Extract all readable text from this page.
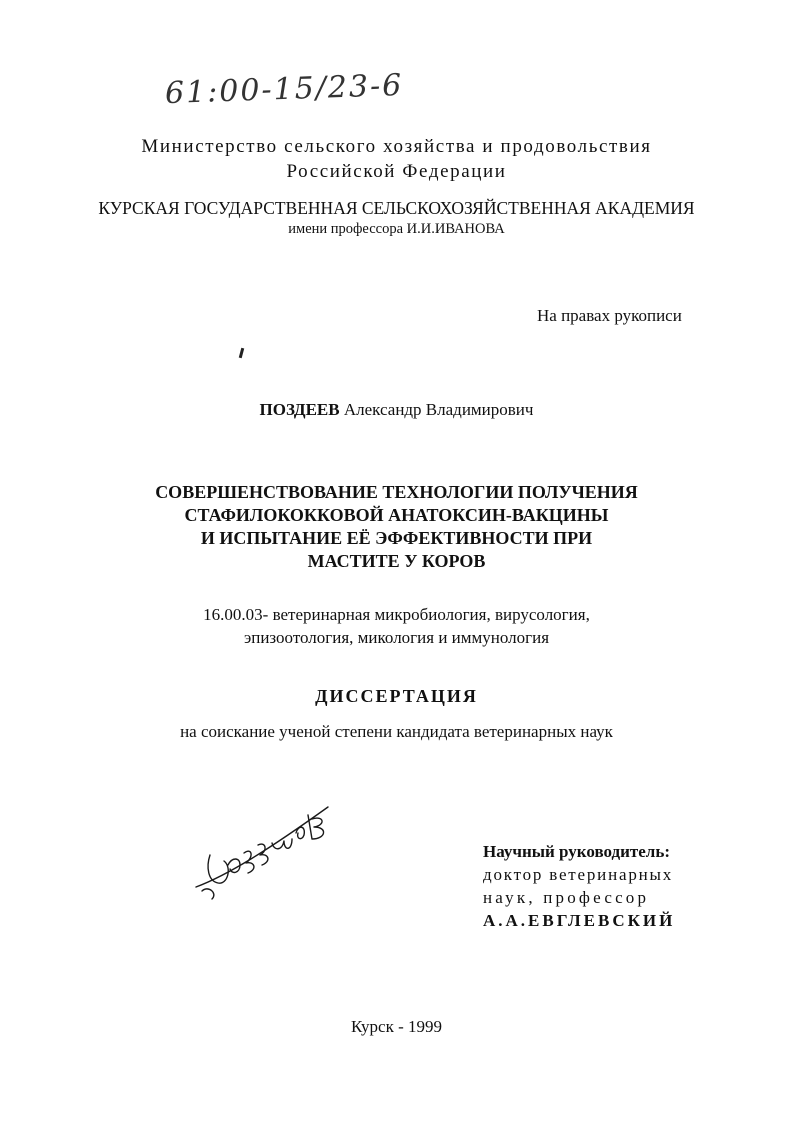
61:00-15/23-6
Министерство сельского хозяйства и продовольствия
Российской Федерации
КУРСКАЯ ГОСУДАРСТВЕННАЯ СЕЛЬСКОХОЗЯЙСТВЕННАЯ АКАДЕМИЯ
имени профессора И.И.ИВАНОВА
На правах рукописи
ПОЗДЕЕВ Александр Владимирович
СОВЕРШЕНСТВОВАНИЕ ТЕХНОЛОГИИ ПОЛУЧЕНИЯ
СТАФИЛОКОККОВОЙ АНАТОКСИН-ВАКЦИНЫ
И ИСПЫТАНИЕ ЕЁ ЭФФЕКТИВНОСТИ ПРИ
МАСТИТЕ У КОРОВ
16.00.03- ветеринарная микробиология, вирусология,
эпизоотология, микология и иммунология
ДИССЕРТАЦИЯ
на соискание ученой степени кандидата ветеринарных наук
Научный руководитель:
доктор ветеринарных
наук, профессор
А.А.ЕВГЛЕВСКИЙ
Курск - 1999
